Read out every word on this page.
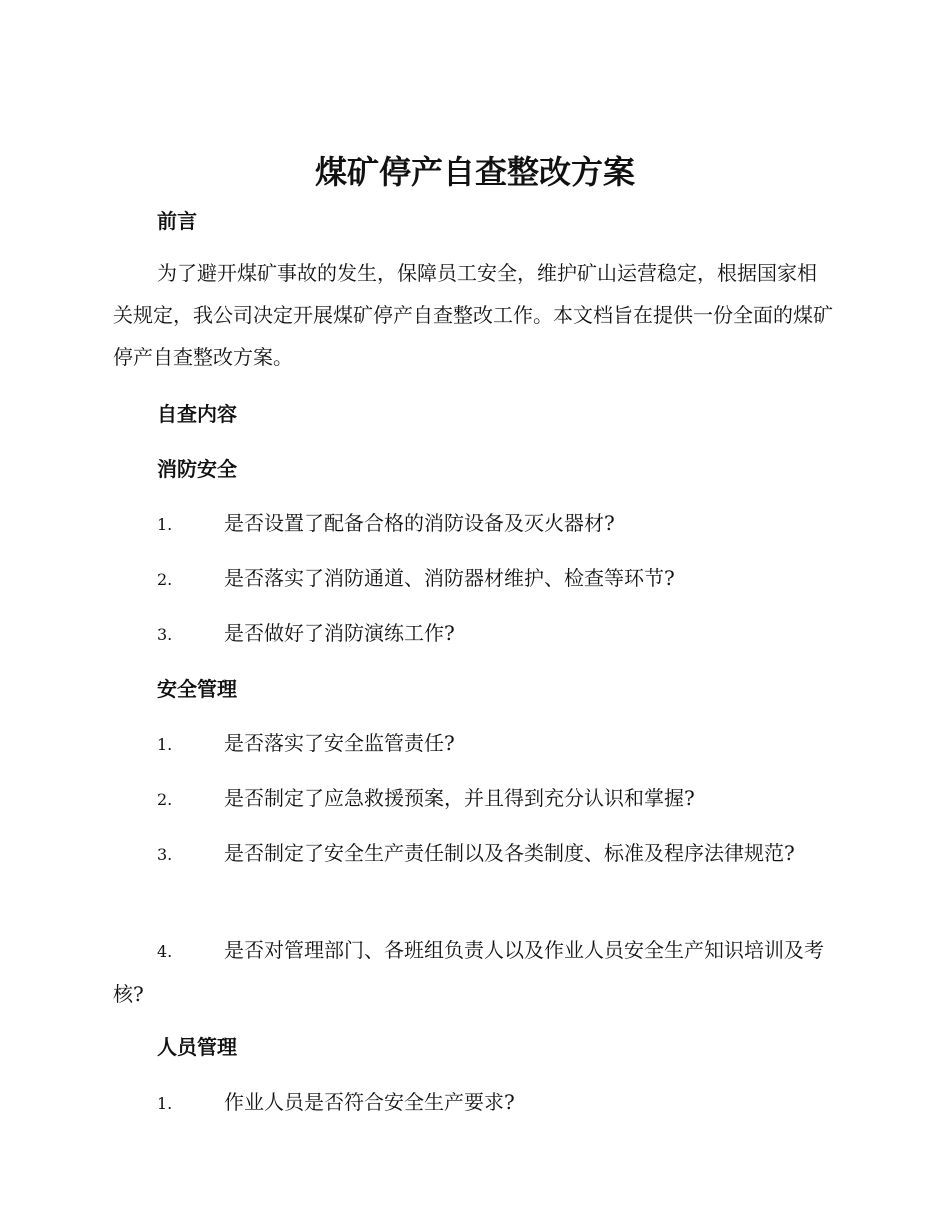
煤矿停产自查整改方案
前言

为了避开煤矿事故的发生，保障员工安全，维护矿山运营稳定，根据国家相关规定，我公司决定开展煤矿停产自查整改工作。本文档旨在提供一份全面的煤矿停产自查整改方案。

自查内容
消防安全

1.	是否设置了配备合格的消防设备及灭火器材?

2.	是否落实了消防通道、消防器材维护、检查等环节?

3.	是否做好了消防演练工作?

安全管理

1.	是否落实了安全监管责任?

2.	是否制定了应急救援预案，并且得到充分认识和掌握?

3.	是否制定了安全生产责任制以及各类制度、标准及程序法律规范?

4.	是否对管理部门、各班组负责人以及作业人员安全生产知识培训及考核?

人员管理

1.	作业人员是否符合安全生产要求?
